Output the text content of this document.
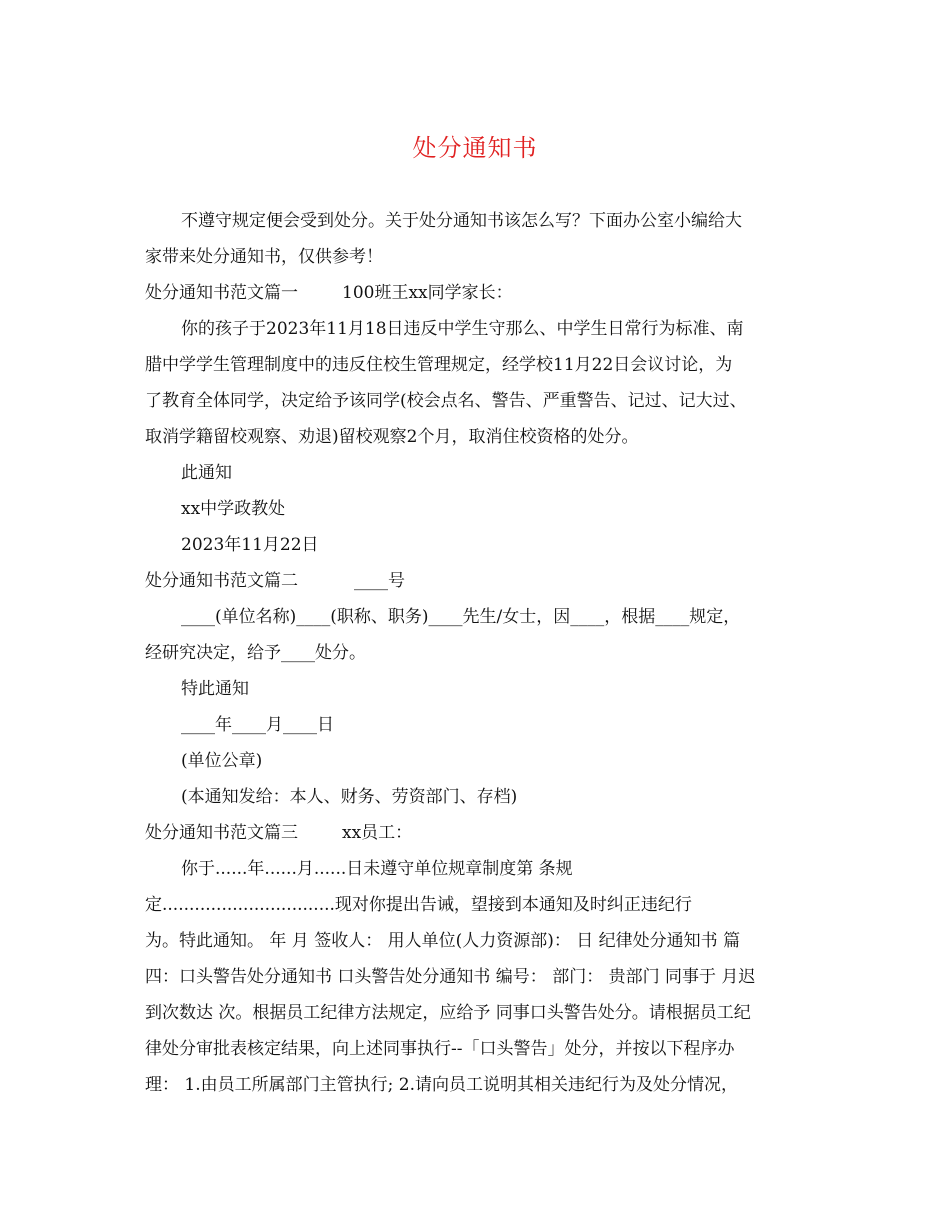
处分通知书
不遵守规定便会受到处分。关于处分通知书该怎么写？下面办公室小编给大
家带来处分通知书，仅供参考！
处分通知书范文篇一	100班王xx同学家长：
你的孩子于2023年11月18日违反中学生守那么、中学生日常行为标准、南
腊中学学生管理制度中的违反住校生管理规定，经学校11月22日会议讨论，为
了教育全体同学，决定给予该同学(校会点名、警告、严重警告、记过、记大过、
取消学籍留校观察、劝退)留校观察2个月，取消住校资格的处分。
此通知
xx中学政教处
2023年11月22日
处分通知书范文篇二	____号
____(单位名称)____(职称、职务)____先生/女士，因____，根据____规定，
经研究决定，给予____处分。
特此通知
____年____月____日
(单位公章)
(本通知发给：本人、财务、劳资部门、存档)
处分通知书范文篇三	xx员工：
你于......年......月......日未遵守单位规章制度第 条规
定................................现对你提出告诫，望接到本通知及时纠正违纪行
为。特此通知。 年 月 签收人： 用人单位(人力资源部)： 日 纪律处分通知书 篇
四：口头警告处分通知书 口头警告处分通知书 编号： 部门： 贵部门 同事于 月迟
到次数达 次。根据员工纪律方法规定，应给予 同事口头警告处分。请根据员工纪
律处分审批表核定结果，向上述同事执行--「口头警告」处分，并按以下程序办
理： 1.由员工所属部门主管执行; 2.请向员工说明其相关违纪行为及处分情况，
